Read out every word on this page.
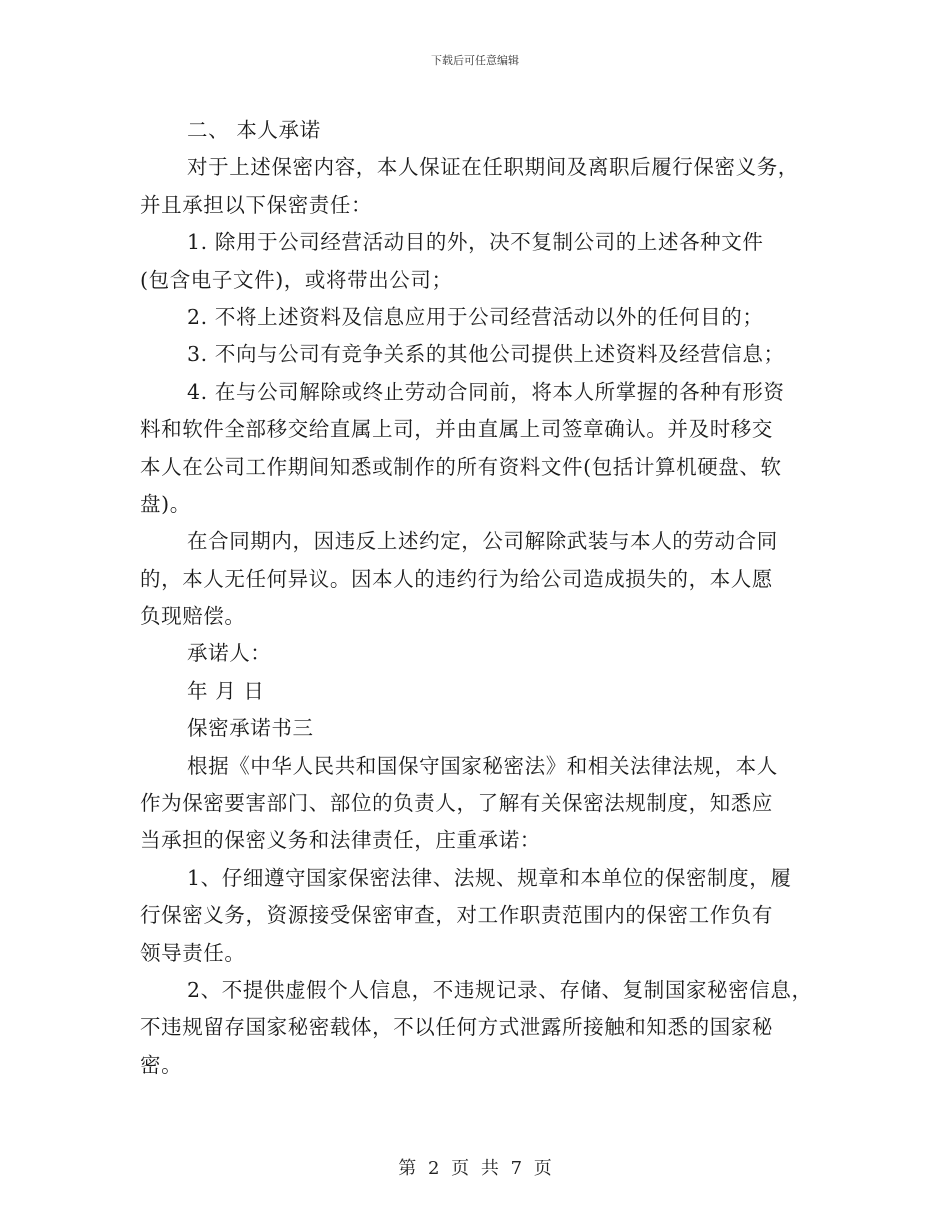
下载后可任意编辑
二、 本人承诺
对于上述保密内容，本人保证在任职期间及离职后履行保密义务，
并且承担以下保密责任：
1. 除用于公司经营活动目的外，决不复制公司的上述各种文件
(包含电子文件)，或将带出公司；
2. 不将上述资料及信息应用于公司经营活动以外的任何目的；
3. 不向与公司有竞争关系的其他公司提供上述资料及经营信息；
4. 在与公司解除或终止劳动合同前，将本人所掌握的各种有形资
料和软件全部移交给直属上司，并由直属上司签章确认。并及时移交
本人在公司工作期间知悉或制作的所有资料文件(包括计算机硬盘、软
盘)。
在合同期内，因违反上述约定，公司解除武装与本人的劳动合同
的，本人无任何异议。因本人的违约行为给公司造成损失的，本人愿
负现赔偿。
承诺人：
年 月 日
保密承诺书三
根据《中华人民共和国保守国家秘密法》和相关法律法规，本人
作为保密要害部门、部位的负责人，了解有关保密法规制度，知悉应
当承担的保密义务和法律责任，庄重承诺：
1、仔细遵守国家保密法律、法规、规章和本单位的保密制度，履
行保密义务，资源接受保密审查，对工作职责范围内的保密工作负有
领导责任。
2、不提供虚假个人信息，不违规记录、存储、复制国家秘密信息，
不违规留存国家秘密载体，不以任何方式泄露所接触和知悉的国家秘
密。
第 2 页 共 7 页
